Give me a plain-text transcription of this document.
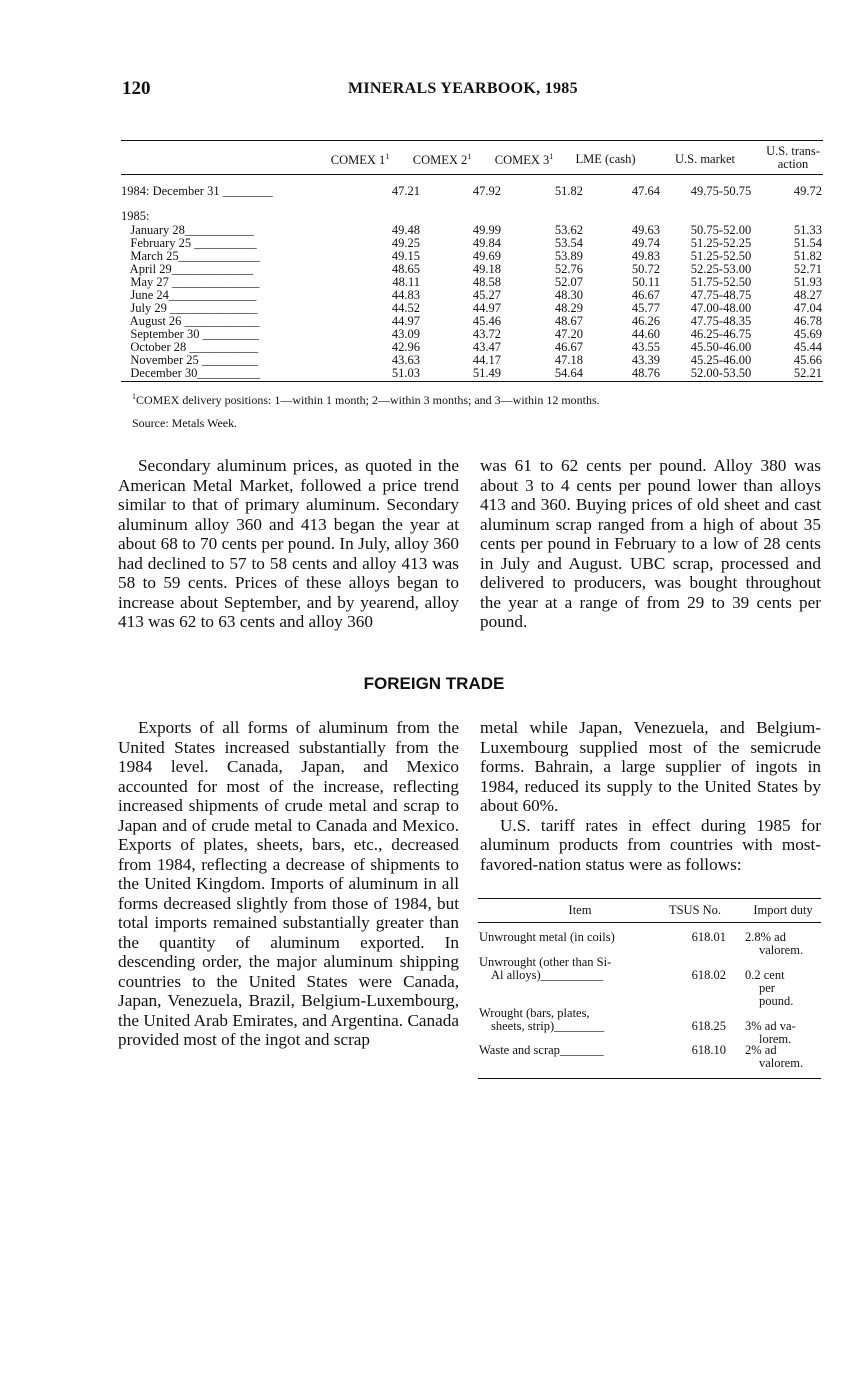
120	MINERALS YEARBOOK, 1985
COMEX $1^1$	COMEX $2^1$	COMEX $3^1$	LME (cash)	U.S. market
U.S. trans-
action
1984: December 31 ________	47.21	47.92	51.82	47.64	49.75-50.75	49.72
1985:
January 28___________	49.48	49.99	53.62	49.63	50.75-52.00	51.33
February 25 __________	49.25	49.84	53.54	49.74	51.25-52.25	51.54
March 25_____________	49.15	49.69	53.89	49.83	51.25-52.50	51.82
April 29_____________	48.65	49.18	52.76	50.72	52.25-53.00	52.71
May 27 ______________	48.11	48.58	52.07	50.11	51.75-52.50	51.93
June 24______________	44.83	45.27	48.30	46.67	47.75-48.75	48.27
July 29 ______________	44.52	44.97	48.29	45.77	47.00-48.00	47.04
August 26 ____________	44.97	45.46	48.67	46.26	47.75-48.35	46.78
September 30 _________	43.09	43.72	47.20	44.60	46.25-46.75	45.69
October 28 ___________	42.96	43.47	46.67	43.55	45.50-46.00	45.44
November 25 _________	43.63	44.17	47.18	43.39	45.25-46.00	45.66
December 30__________	51.03	51.49	54.64	48.76	52.00-53.50	52.21
$^1$COMEX delivery positions: 1—within 1 month; 2—within 3 months; and 3—within 12 months.
Source: Metals Week.

Secondary aluminum prices, as quoted in the American Metal Market, followed a price trend similar to that of primary aluminum. Secondary aluminum alloy 360 and 413 began the year at about 68 to 70 cents per pound. In July, alloy 360 had declined to 57 to 58 cents and alloy 413 was 58 to 59 cents. Prices of these alloys began to increase about September, and by yearend, alloy 413 was 62 to 63 cents and alloy 360

was 61 to 62 cents per pound. Alloy 380 was about 3 to 4 cents per pound lower than alloys 413 and 360. Buying prices of old sheet and cast aluminum scrap ranged from a high of about 35 cents per pound in February to a low of 28 cents in July and August. UBC scrap, processed and delivered to producers, was bought throughout the year at a range of from 29 to 39 cents per pound.

FOREIGN TRADE

Exports of all forms of aluminum from the United States increased substantially from the 1984 level. Canada, Japan, and Mexico accounted for most of the increase, reflecting increased shipments of crude metal and scrap to Japan and of crude metal to Canada and Mexico. Exports of plates, sheets, bars, etc., decreased from 1984, reflecting a decrease of shipments to the United Kingdom. Imports of aluminum in all forms decreased slightly from those of 1984, but total imports remained substantially greater than the quantity of aluminum exported. In descending order, the major aluminum shipping countries to the United States were Canada, Japan, Venezuela, Brazil, Belgium-Luxembourg, the United Arab Emirates, and Argentina. Canada provided most of the ingot and scrap

metal while Japan, Venezuela, and Belgium-Luxembourg supplied most of the semicrude forms. Bahrain, a large supplier of ingots in 1984, reduced its supply to the United States by about 60%.

U.S. tariff rates in effect during 1985 for aluminum products from countries with most-favored-nation status were as follows:

Item	TSUS No.	Import duty
Unwrought metal (in coils)	618.01 2.8% ad
valorem.
Unwrought (other than Si-
Al alloys)__________	618.02 0.2 cent
per
pound.
Wrought (bars, plates,
sheets, strip)________	618.25 3% ad va-
lorem.
Waste and scrap_______	618.10 2% ad
valorem.
